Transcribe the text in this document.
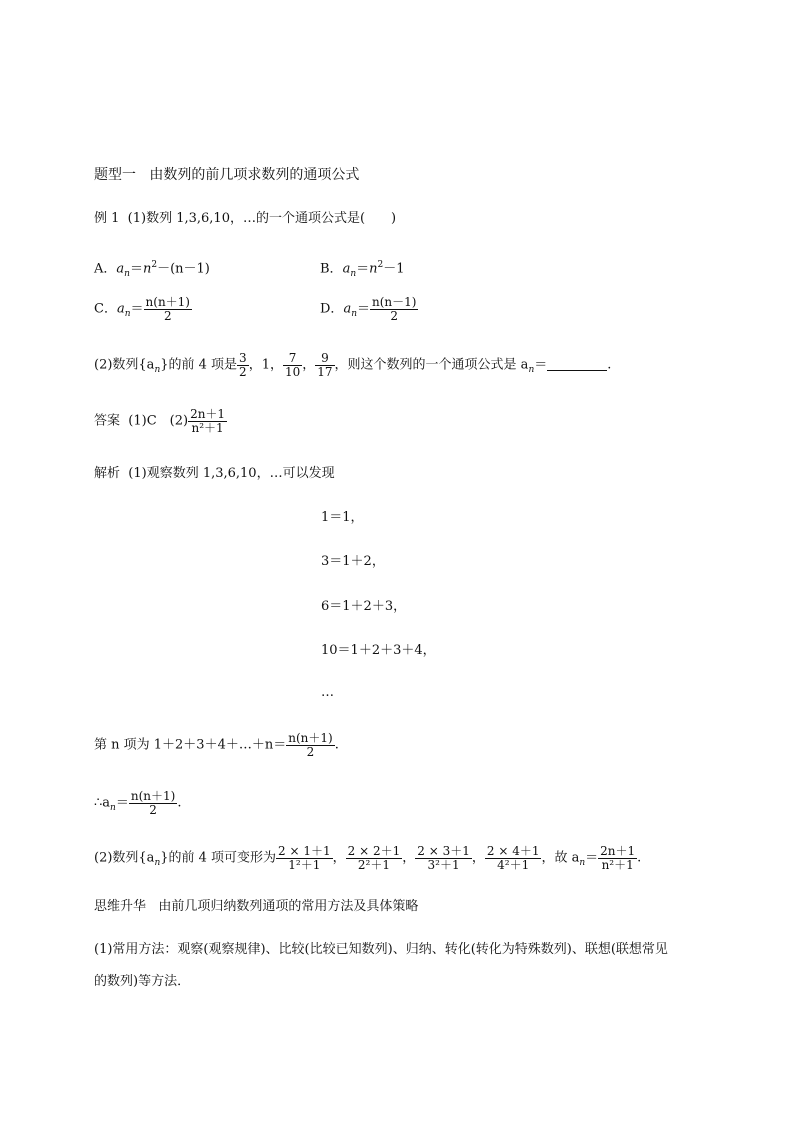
题型一 由数列的前几项求数列的通项公式
例 1 (1)数列 1,3,6,10，…的一个通项公式是(　　)
A．$a_n=n^2-(n-1)$	B．$a_n=n^2-1$
C．$a_n= \frac{n(n+1)}{2}$	D．$a_n= \frac{n(n-1)}{2}$
(2)数列$\{a_n\}$的前 4 项是 $\frac{3}{2}$ ，1， $\frac{7}{10}$ ， $\frac{9}{17}$ ，则这个数列的一个通项公式是 $a_n=$	.
答案 (1)C　$(2) \frac{2n+1}{\text{n²＋1}}$
解析 (1)观察数列 1,3,6,10，…可以发现
1＝1，
3＝1＋2，
6＝1＋2＋3，
10＝1＋2＋3＋4，
…
第 n 项为 1＋2＋3＋4＋…＋n＝ $\frac{n(n+1)}{2}$ .
$\therefore a_n= \frac{n(n+1)}{2}$ .
(2)数列$\{a_n\}$的前 4 项可变形为 $\frac{2 \times 1+1}{\text{1²＋1}}$ ， $\frac{2 \times 2+1}{\text{2²＋1}}$ ， $\frac{2 \times 3+1}{\text{3²＋1}}$ ， $\frac{2 \times 4+1}{\text{4²＋1}}$ ，故 $a_n= \frac{2n+1}{\text{n²＋1}}$ .
思维升华 由前几项归纳数列通项的常用方法及具体策略
(1)常用方法：观察(观察规律)、比较(比较已知数列)、归纳、转化(转化为特殊数列)、联想(联想常见
的数列)等方法．
